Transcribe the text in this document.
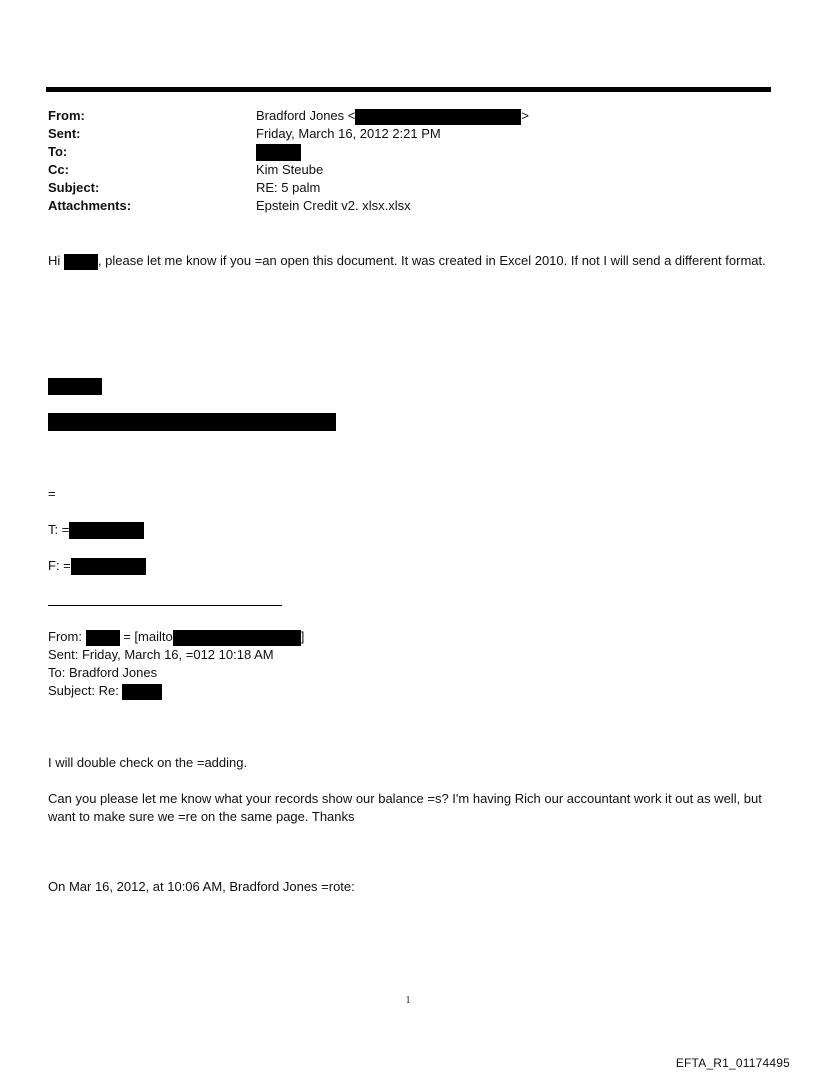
From:	Bradford Jones <	>
Sent:	Friday, March 16, 2012 2:21 PM
To:
Cc:	Kim Steube
Subject:	RE: 5 palm
Attachments:	Epstein Credit v2. xlsx.xlsx
Hi	, please let me know if you =an open this document. It was created in Excel 2010. If not I will send a different format.
=
T: =
F: =
From:	= [mailto	]
Sent: Friday, March 16, =012 10:18 AM
To: Bradford Jones
Subject: Re:
I will double check on the =adding.
Can you please let me know what your records show our balance =s? I'm having Rich our accountant work it out as well, but want to make sure we =re on the same page. Thanks
On Mar 16, 2012, at 10:06 AM, Bradford Jones =rote:
1
EFTA_R1_01174495
